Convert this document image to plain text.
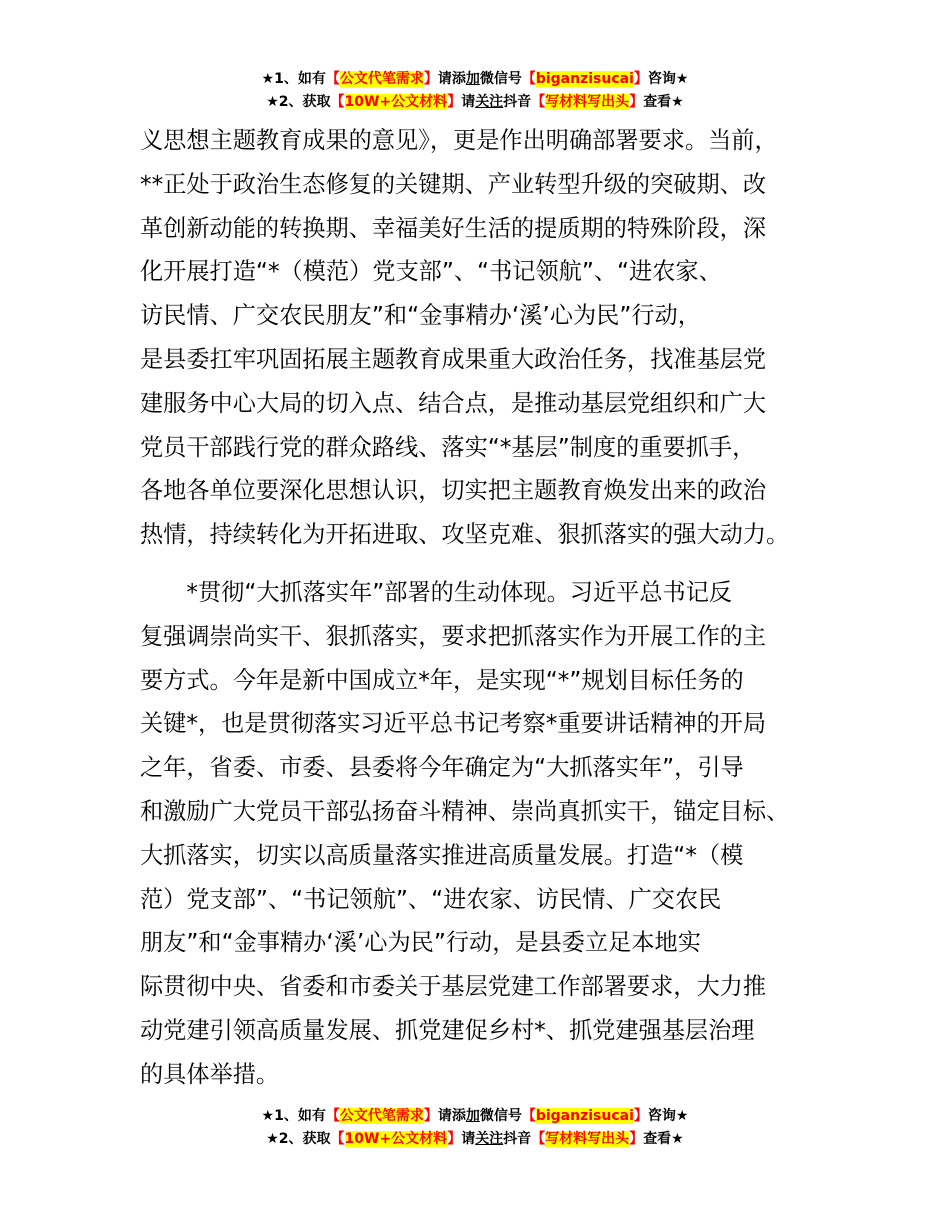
★1、如有【公文代笔需求】请添加微信号【biganzisucai】咨询★
★2、获取【10W+公文材料】请关注抖音【写材料写出头】查看★
义思想主题教育成果的意见》，更是作出明确部署要求。当前，
**正处于政治生态修复的关键期、产业转型升级的突破期、改
革创新动能的转换期、幸福美好生活的提质期的特殊阶段，深
化开展打造“*（模范）党支部”、“书记领航”、“进农家、
访民情、广交农民朋友”和“金事精办‘溪’心为民”行动，
是县委扛牢巩固拓展主题教育成果重大政治任务，找准基层党
建服务中心大局的切入点、结合点，是推动基层党组织和广大
党员干部践行党的群众路线、落实“*基层”制度的重要抓手，
各地各单位要深化思想认识，切实把主题教育焕发出来的政治
热情，持续转化为开拓进取、攻坚克难、狠抓落实的强大动力。
　　*贯彻“大抓落实年”部署的生动体现。习近平总书记反
复强调崇尚实干、狠抓落实，要求把抓落实作为开展工作的主
要方式。今年是新中国成立*年，是实现“*”规划目标任务的
关键*，也是贯彻落实习近平总书记考察*重要讲话精神的开局
之年，省委、市委、县委将今年确定为“大抓落实年”，引导
和激励广大党员干部弘扬奋斗精神、崇尚真抓实干，锚定目标、
大抓落实，切实以高质量落实推进高质量发展。打造“*（模
范）党支部”、“书记领航”、“进农家、访民情、广交农民
朋友”和“金事精办‘溪’心为民”行动，是县委立足本地实
际贯彻中央、省委和市委关于基层党建工作部署要求，大力推
动党建引领高质量发展、抓党建促乡村*、抓党建强基层治理
的具体举措。
★1、如有【公文代笔需求】请添加微信号【biganzisucai】咨询★
★2、获取【10W+公文材料】请关注抖音【写材料写出头】查看★
